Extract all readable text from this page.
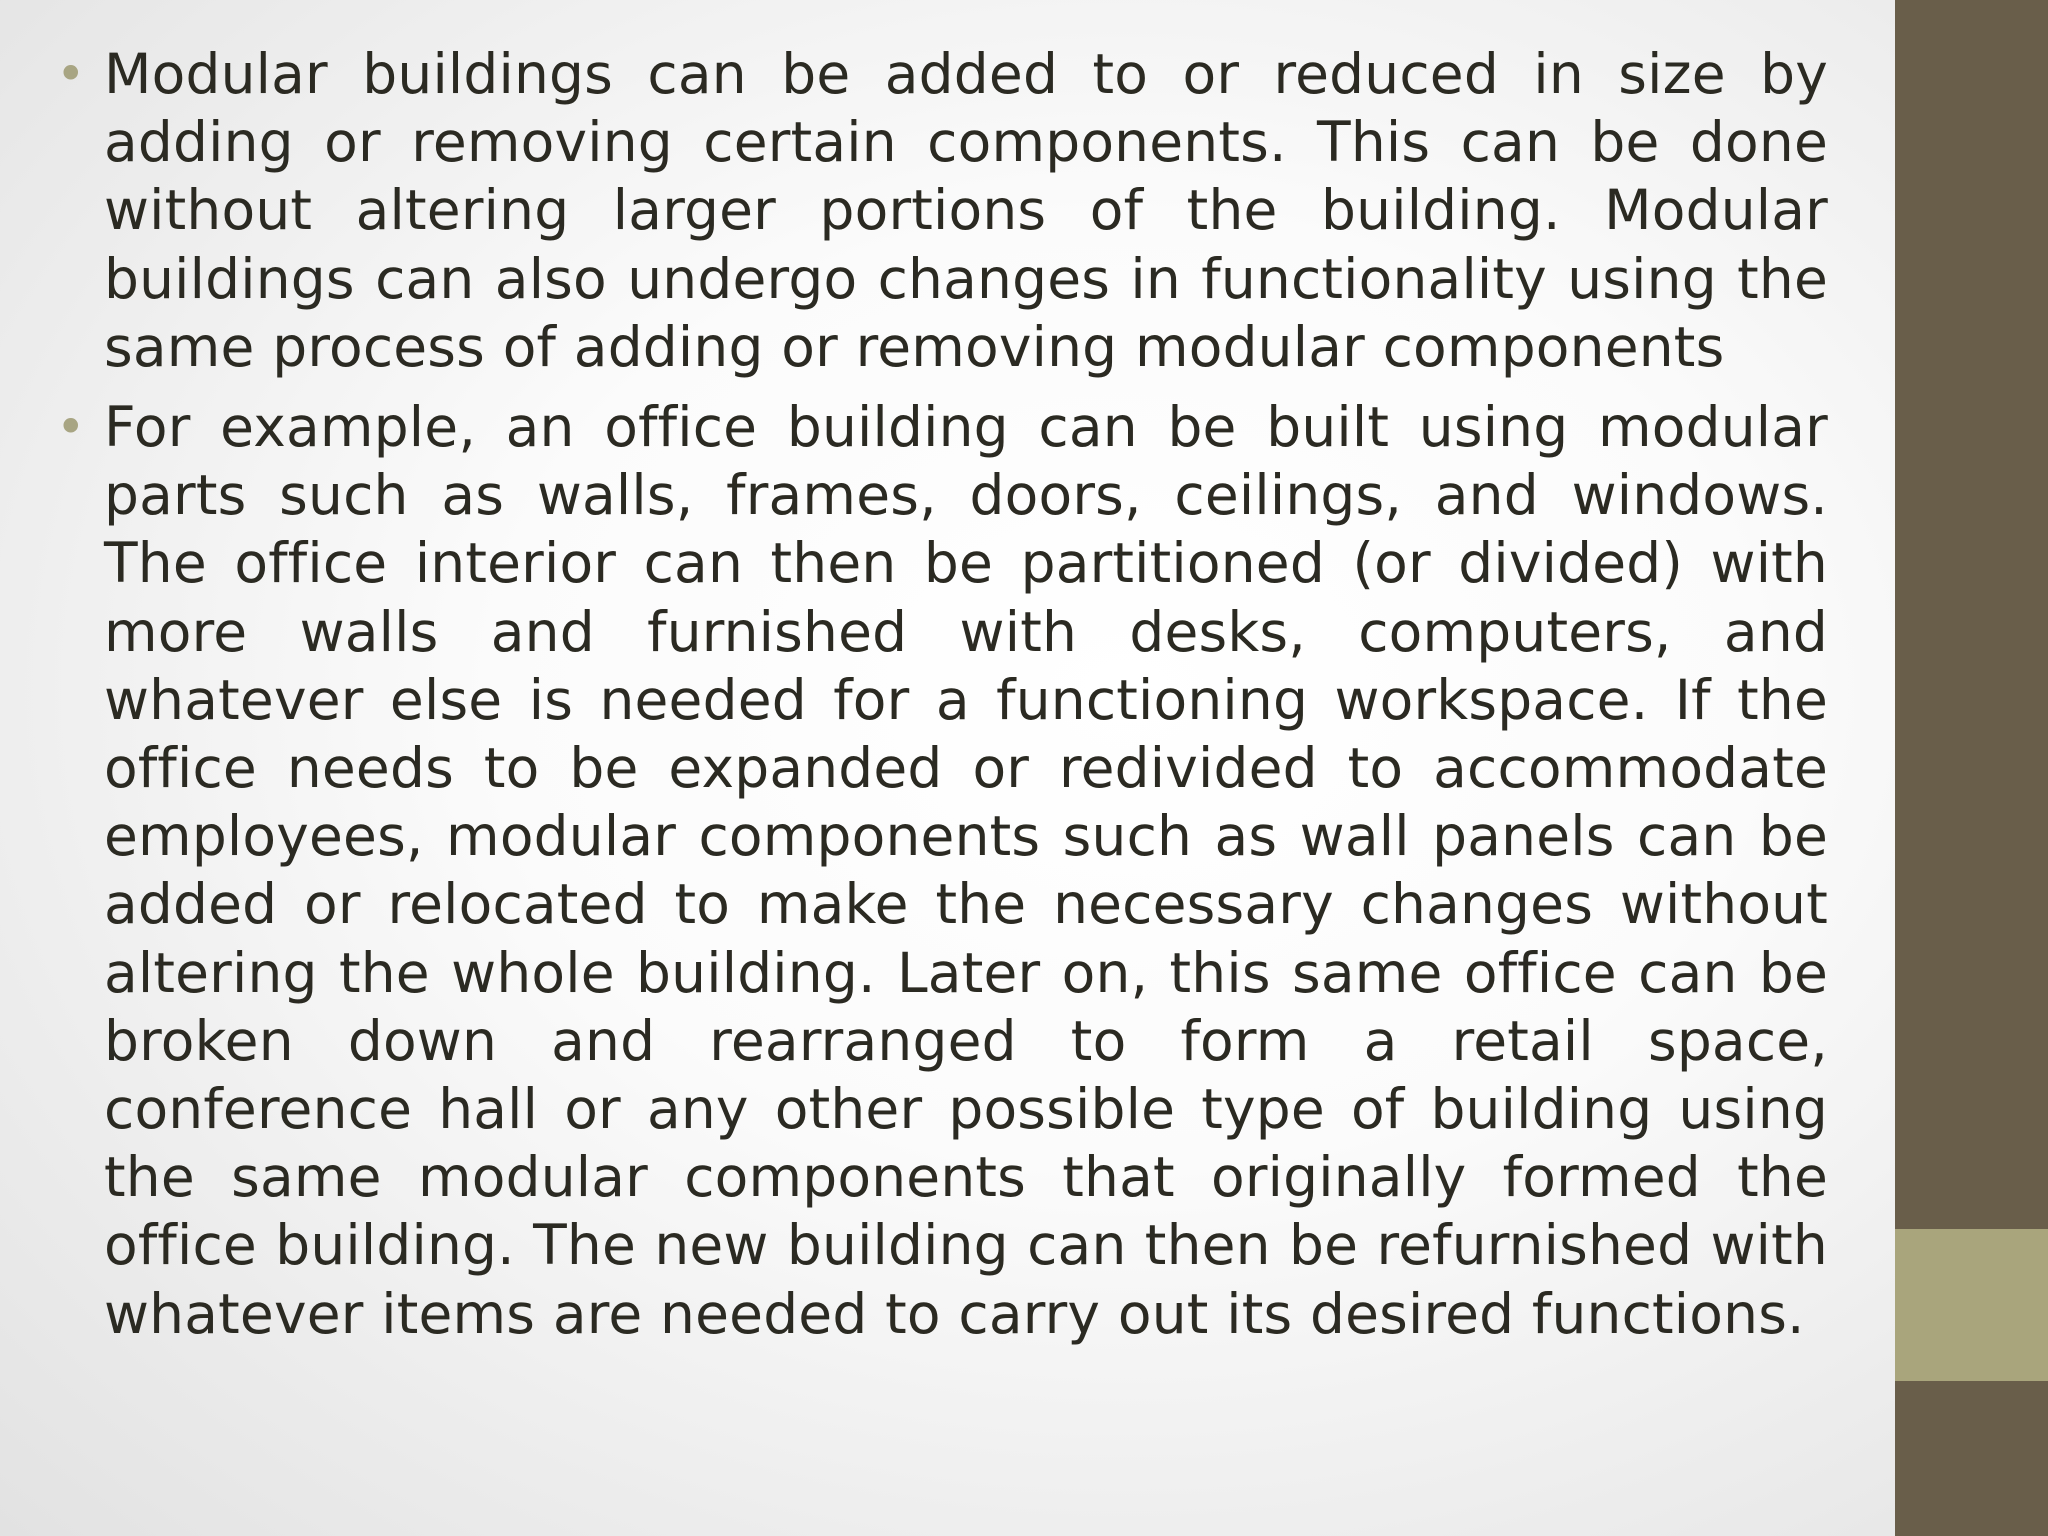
• Modular buildings can be added to or reduced in size by adding or removing certain components. This can be done without altering larger portions of the building. Modular buildings can also undergo changes in functionality using the same process of adding or removing modular components
• For example, an office building can be built using modular parts such as walls, frames, doors, ceilings, and windows. The office interior can then be partitioned (or divided) with more walls and furnished with desks, computers, and whatever else is needed for a functioning workspace. If the office needs to be expanded or redivided to accommodate employees, modular components such as wall panels can be added or relocated to make the necessary changes without altering the whole building. Later on, this same office can be broken down and rearranged to form a retail space, conference hall or any other possible type of building using the same modular components that originally formed the office building. The new building can then be refurnished with whatever items are needed to carry out its desired functions.
